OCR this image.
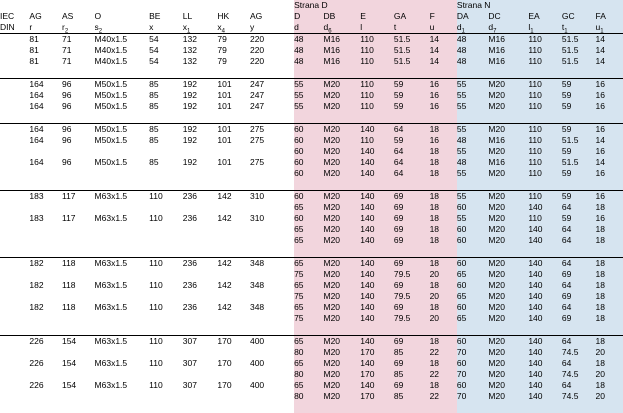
								Strana D					Strana N				
IEC	AG	AS	O	BE	LL	HK	AG	D	DB	E	GA	F	DA	DC	EA	GC	FA
DIN	r	$r_2$	$s_2$	x	$x_1$	$x_4$	y	d	$d_6$	l	t	u	$d_1$	$d_7$	$l_1$	$t_1$	$u_1$
	81	71	M40x1.5	54	132	79	220	48	M16	110	51.5	14	48	M16	110	51.5	14
	81	71	M40x1.5	54	132	79	220	48	M16	110	51.5	14	48	M16	110	51.5	14
	81	71	M40x1.5	54	132	79	220	48	M16	110	51.5	14	48	M16	110	51.5	14

	164	96	M50x1.5	85	192	101	247	55	M20	110	59	16	55	M20	110	59	16
	164	96	M50x1.5	85	192	101	247	55	M20	110	59	16	55	M20	110	59	16
	164	96	M50x1.5	85	192	101	247	55	M20	110	59	16	55	M20	110	59	16

	164	96	M50x1.5	85	192	101	275	60	M20	140	64	18	55	M20	110	59	16
	164	96	M50x1.5	85	192	101	275	60	M20	110	59	16	48	M16	110	51.5	14
								60	M20	140	64	18	55	M20	110	59	16
	164	96	M50x1.5	85	192	101	275	60	M20	140	64	18	48	M16	110	51.5	14
								60	M20	140	64	18	55	M20	110	59	16

	183	117	M63x1.5	110	236	142	310	60	M20	140	69	18	55	M20	110	59	16
								65	M20	140	69	18	60	M20	140	64	18
	183	117	M63x1.5	110	236	142	310	60	M20	140	69	18	55	M20	110	59	16
								65	M20	140	69	18	60	M20	140	64	18
								65	M20	140	69	18	60	M20	140	64	18

	182	118	M63x1.5	110	236	142	348	65	M20	140	69	18	60	M20	140	64	18
								75	M20	140	79.5	20	65	M20	140	69	18
	182	118	M63x1.5	110	236	142	348	65	M20	140	69	18	60	M20	140	64	18
								75	M20	140	79.5	20	65	M20	140	69	18
	182	118	M63x1.5	110	236	142	348	65	M20	140	69	18	60	M20	140	64	18
								75	M20	140	79.5	20	65	M20	140	69	18

	226	154	M63x1.5	110	307	170	400	65	M20	140	69	18	60	M20	140	64	18
								80	M20	170	85	22	70	M20	140	74.5	20
	226	154	M63x1.5	110	307	170	400	65	M20	140	69	18	60	M20	140	64	18
								80	M20	170	85	22	70	M20	140	74.5	20
	226	154	M63x1.5	110	307	170	400	65	M20	140	69	18	60	M20	140	64	18
								80	M20	170	85	22	70	M20	140	74.5	20
